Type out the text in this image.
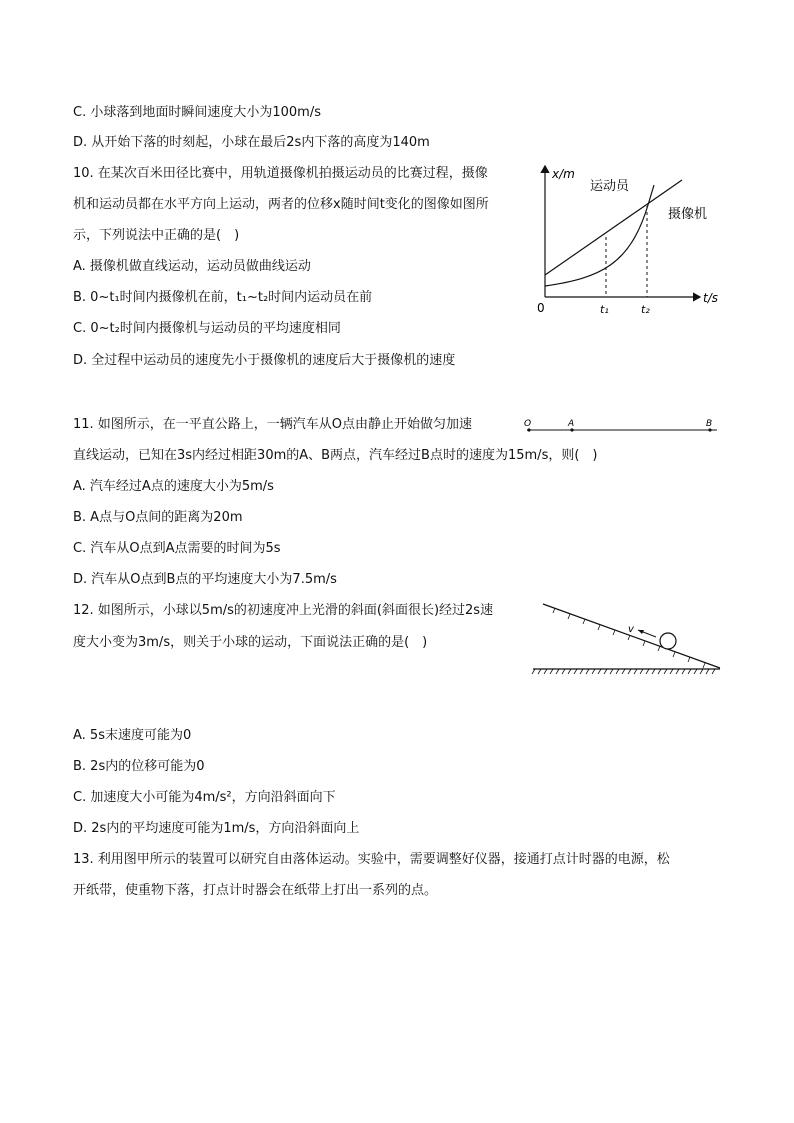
C. 小球落到地面时瞬间速度大小为100m/s
D. 从开始下落的时刻起，小球在最后2s内下落的高度为140m
10. 在某次百米田径比赛中，用轨道摄像机拍摄运动员的比赛过程，摄像
机和运动员都在水平方向上运动，两者的位移x随时间t变化的图像如图所
示，下列说法中正确的是(　)
A. 摄像机做直线运动，运动员做曲线运动
B. 0~t₁时间内摄像机在前，t₁~t₂时间内运动员在前
C. 0~t₂时间内摄像机与运动员的平均速度相同
D. 全过程中运动员的速度先小于摄像机的速度后大于摄像机的速度
x/m
t/s
0	t₁	t₂
运动员
摄像机
11. 如图所示，在一平直公路上，一辆汽车从O点由静止开始做匀加速
直线运动，已知在3s内经过相距30m的A、B两点，汽车经过B点时的速度为15m/s，则(　)
A. 汽车经过A点的速度大小为5m/s
B. A点与O点间的距离为20m
C. 汽车从O点到A点需要的时间为5s
D. 汽车从O点到B点的平均速度大小为7.5m/s
O	A	B
12. 如图所示，小球以5m/s的初速度冲上光滑的斜面(斜面很长)经过2s速
度大小变为3m/s，则关于小球的运动，下面说法正确的是(　)
v
A. 5s末速度可能为0
B. 2s内的位移可能为0
C. 加速度大小可能为4m/s²，方向沿斜面向下
D. 2s内的平均速度可能为1m/s，方向沿斜面向上
13. 利用图甲所示的装置可以研究自由落体运动。实验中，需要调整好仪器，接通打点计时器的电源，松
开纸带，使重物下落，打点计时器会在纸带上打出一系列的点。
